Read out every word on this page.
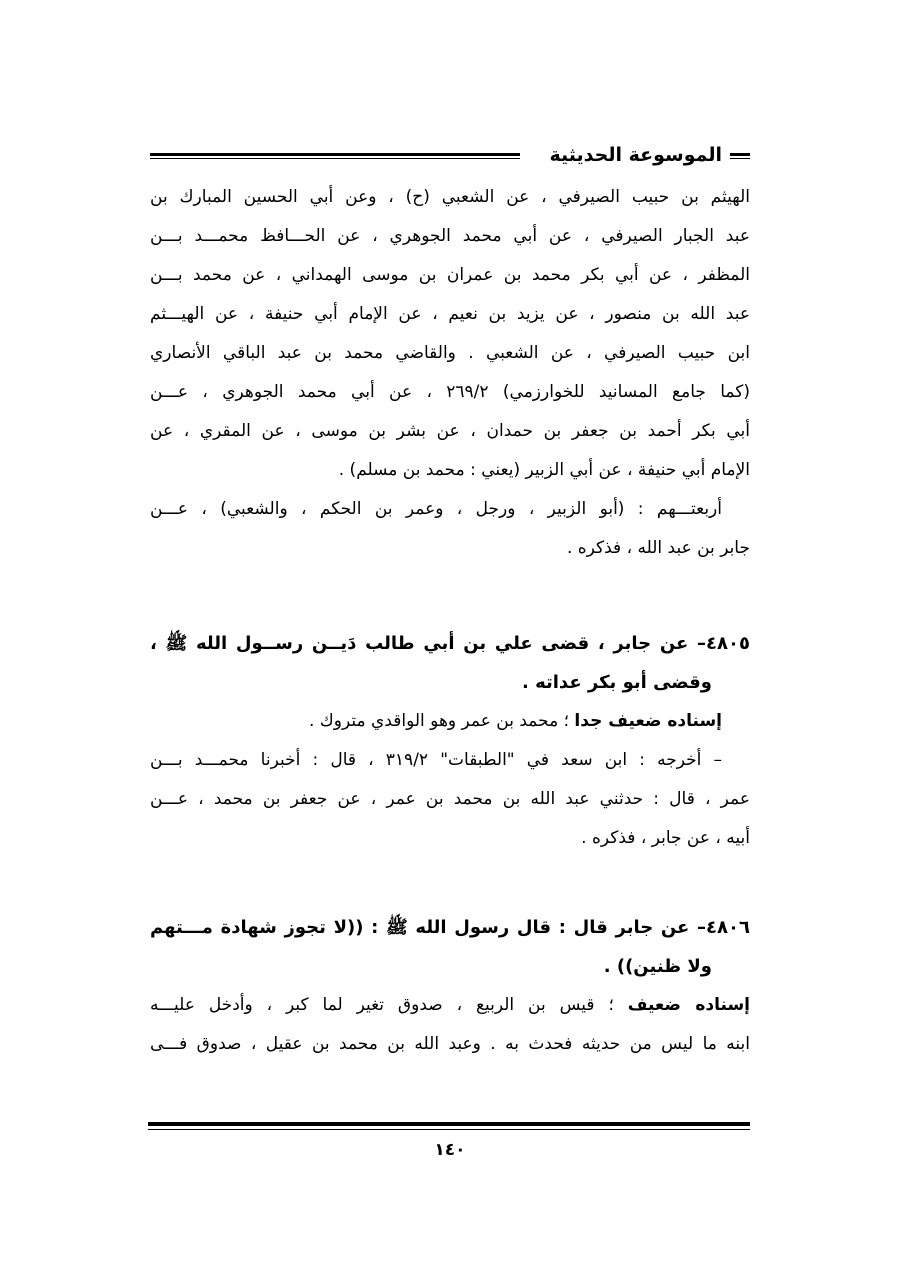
الموسوعة الحديثية
الهيثم بن حبيب الصيرفي ، عن الشعبي (ح) ، وعن أبي الحسين المبارك بن
عبد الجبار الصيرفي ، عن أبي محمد الجوهري ، عن الحـــافظ محمـــد بـــن
المظفر ، عن أبي بكر محمد بن عمران بن موسى الهمداني ، عن محمد بـــن
عبد الله بن منصور ، عن يزيد بن نعيم ، عن الإمام أبي حنيفة ، عن الهيـــثم
ابن حبيب الصيرفي ، عن الشعبي . والقاضي محمد بن عبد الباقي الأنصاري
(كما جامع المسانيد للخوارزمي) ٢٦٩/٢ ، عن أبي محمد الجوهري ، عـــن
أبي بكر أحمد بن جعفر بن حمدان ، عن بشر بن موسى ، عن المقري ، عن
الإمام أبي حنيفة ، عن أبي الزبير (يعني : محمد بن مسلم) .
أربعتـــهم : (أبو الزبير ، ورجل ، وعمر بن الحكم ، والشعبي) ، عـــن
جابر بن عبد الله ، فذكره .
٤٨٠٥– عن جابر ، قضى علي بن أبي طالب دَيــن رســول الله ﷺ ،
وقضى أبو بكر عداته .
إسناده ضعيف جدا ؛ محمد بن عمر وهو الواقدي متروك .
– أخرجه : ابن سعد في "الطبقات" ٣١٩/٢ ، قال : أخبرنا محمـــد بـــن
عمر ، قال : حدثني عبد الله بن محمد بن عمر ، عن جعفر بن محمد ، عـــن
أبيه ، عن جابر ، فذكره .
٤٨٠٦– عن جابر قال : قال رسول الله ﷺ : ((لا تجوز شهادة مـــتهم
ولا ظنين)) .
إسناده ضعيف ؛ قيس بن الربيع ، صدوق تغير لما كبر ، وأدخل عليـــه
ابنه ما ليس من حديثه فحدث به . وعبد الله بن محمد بن عقيل ، صدوق فـــى
١٤٠
